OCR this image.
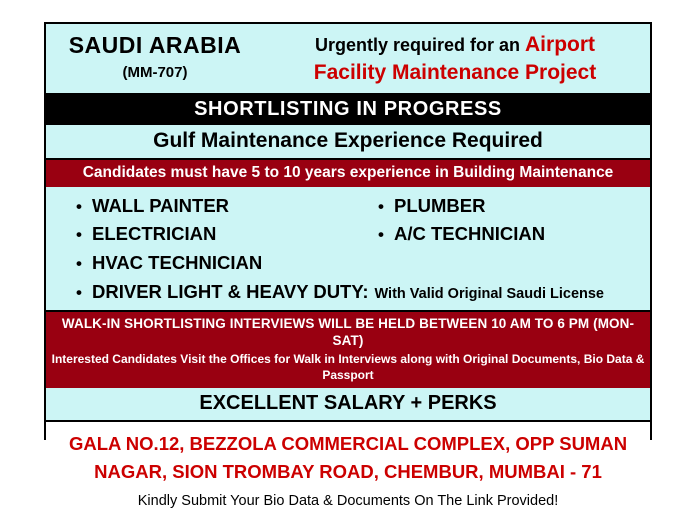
SAUDI ARABIA
(MM-707)
Urgently required for an Airport
Facility Maintenance Project
SHORTLISTING IN PROGRESS
Gulf Maintenance Experience Required
Candidates must have 5 to 10 years experience in Building Maintenance
• WALL PAINTER
• ELECTRICIAN
• HVAC TECHNICIAN
• PLUMBER
• A/C TECHNICIAN
• DRIVER LIGHT & HEAVY DUTY: With Valid Original Saudi License
WALK-IN SHORTLISTING INTERVIEWS WILL BE HELD BETWEEN 10 AM TO 6 PM (MON-SAT)
Interested Candidates Visit the Offices for Walk in Interviews along with Original Documents, Bio Data & Passport
EXCELLENT SALARY + PERKS
GALA NO.12, BEZZOLA COMMERCIAL COMPLEX, OPP SUMAN
NAGAR, SION TROMBAY ROAD, CHEMBUR, MUMBAI - 71
Kindly Submit Your Bio Data & Documents On The Link Provided!
